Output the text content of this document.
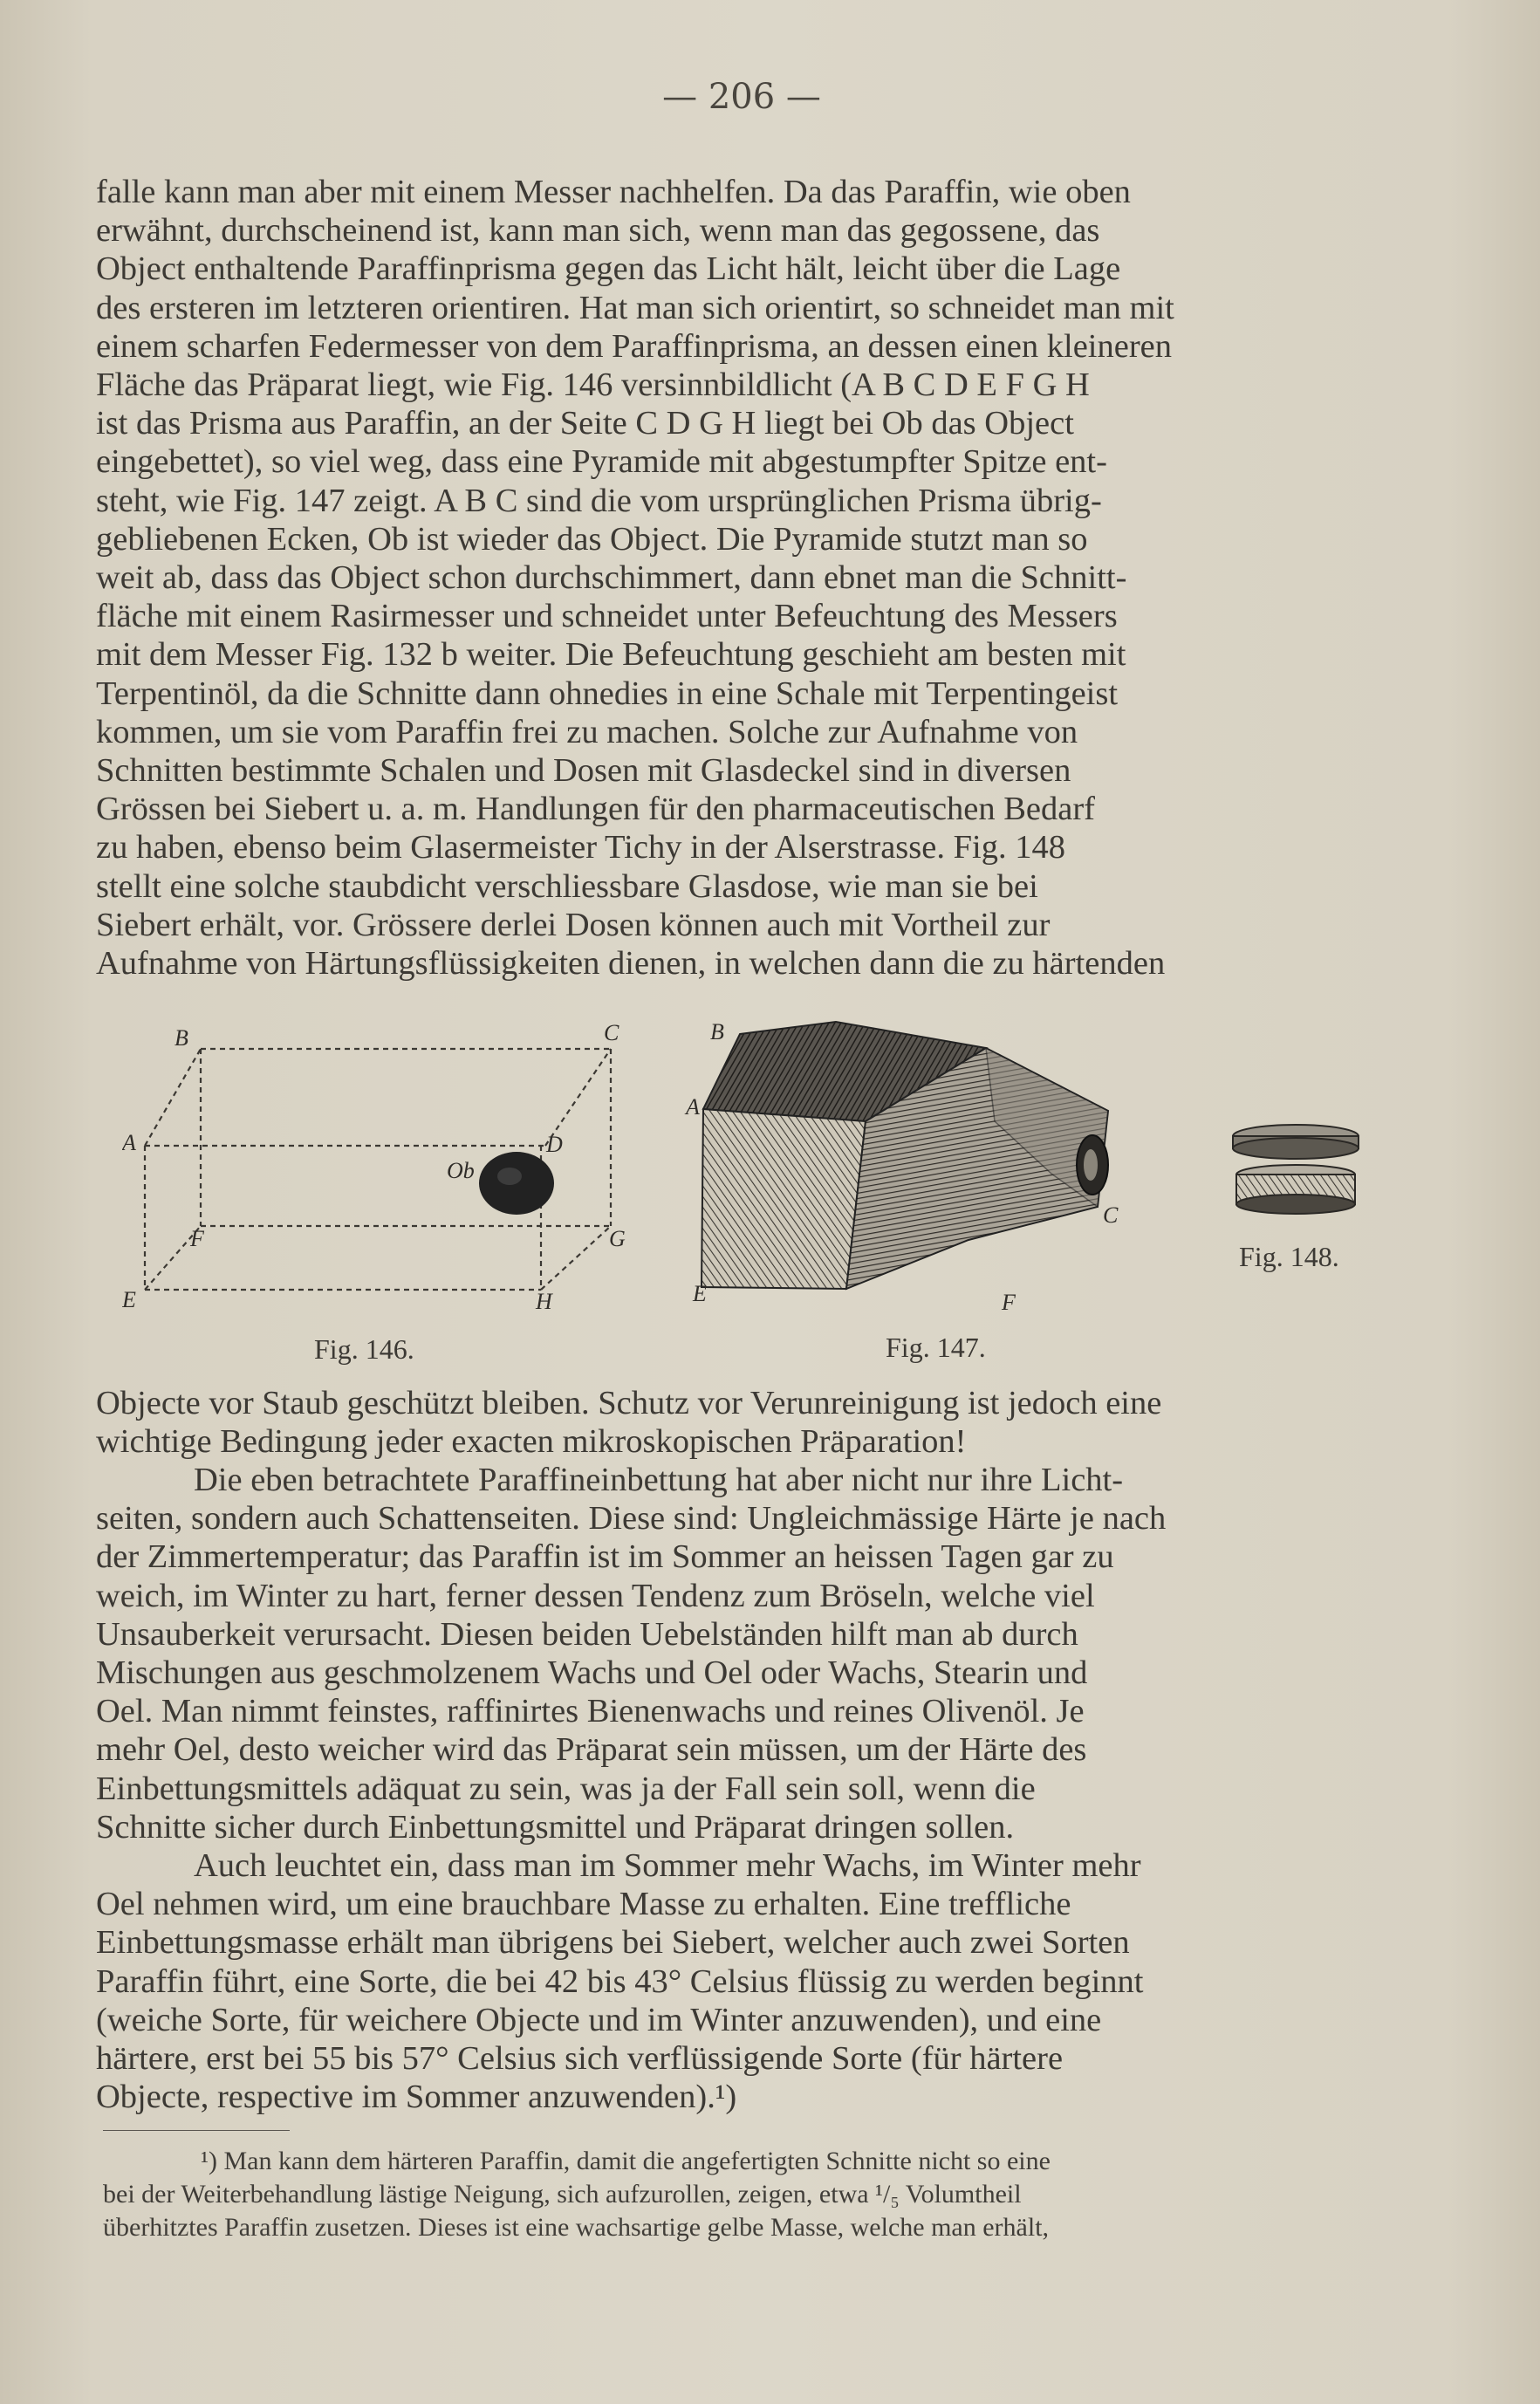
— 206 —

falle kann man aber mit einem Messer nachhelfen. Da das Paraffin, wie oben

erwähnt, durchscheinend ist, kann man sich, wenn man das gegossene, das

Object enthaltende Paraffinprisma gegen das Licht hält, leicht über die Lage

des ersteren im letzteren orientiren. Hat man sich orientirt, so schneidet man mit

einem scharfen Federmesser von dem Paraffinprisma, an dessen einen kleineren

Fläche das Präparat liegt, wie Fig. 146 versinnbildlicht (A B C D E F G H

ist das Prisma aus Paraffin, an der Seite C D G H liegt bei Ob das Object

eingebettet), so viel weg, dass eine Pyramide mit abgestumpfter Spitze ent-

steht, wie Fig. 147 zeigt. A B C sind die vom ursprünglichen Prisma übrig-

gebliebenen Ecken, Ob ist wieder das Object. Die Pyramide stutzt man so

weit ab, dass das Object schon durchschimmert, dann ebnet man die Schnitt-

fläche mit einem Rasirmesser und schneidet unter Befeuchtung des Messers

mit dem Messer Fig. 132 b weiter. Die Befeuchtung geschieht am besten mit

Terpentinöl, da die Schnitte dann ohnedies in eine Schale mit Terpentingeist

kommen, um sie vom Paraffin frei zu machen. Solche zur Aufnahme von

Schnitten bestimmte Schalen und Dosen mit Glasdeckel sind in diversen

Grössen bei Siebert u. a. m. Handlungen für den pharmaceutischen Bedarf

zu haben, ebenso beim Glasermeister Tichy in der Alserstrasse. Fig. 148

stellt eine solche staubdicht verschliessbare Glasdose, wie man sie bei

Siebert erhält, vor. Grössere derlei Dosen können auch mit Vortheil zur

Aufnahme von Härtungsflüssigkeiten dienen, in welchen dann die zu härtenden

B	C
A	D
Ob
F	G
E	H
Fig. 146.
B
A
C
E	F
Fig. 147.
Fig. 148.

Objecte vor Staub geschützt bleiben. Schutz vor Verunreinigung ist jedoch eine

wichtige Bedingung jeder exacten mikroskopischen Präparation!

Die eben betrachtete Paraffineinbettung hat aber nicht nur ihre Licht-

seiten, sondern auch Schattenseiten. Diese sind: Ungleichmässige Härte je nach

der Zimmertemperatur; das Paraffin ist im Sommer an heissen Tagen gar zu

weich, im Winter zu hart, ferner dessen Tendenz zum Bröseln, welche viel

Unsauberkeit verursacht. Diesen beiden Uebelständen hilft man ab durch

Mischungen aus geschmolzenem Wachs und Oel oder Wachs, Stearin und

Oel. Man nimmt feinstes, raffinirtes Bienenwachs und reines Olivenöl. Je

mehr Oel, desto weicher wird das Präparat sein müssen, um der Härte des

Einbettungsmittels adäquat zu sein, was ja der Fall sein soll, wenn die

Schnitte sicher durch Einbettungsmittel und Präparat dringen sollen.

Auch leuchtet ein, dass man im Sommer mehr Wachs, im Winter mehr

Oel nehmen wird, um eine brauchbare Masse zu erhalten. Eine treffliche

Einbettungsmasse erhält man übrigens bei Siebert, welcher auch zwei Sorten

Paraffin führt, eine Sorte, die bei 42 bis 43° Celsius flüssig zu werden beginnt

(weiche Sorte, für weichere Objecte und im Winter anzuwenden), und eine

härtere, erst bei 55 bis 57° Celsius sich verflüssigende Sorte (für härtere

Objecte, respective im Sommer anzuwenden).¹)

¹) Man kann dem härteren Paraffin, damit die angefertigten Schnitte nicht so eine

bei der Weiterbehandlung lästige Neigung, sich aufzurollen, zeigen, etwa ¹/₅ Volumtheil

überhitztes Paraffin zusetzen. Dieses ist eine wachsartige gelbe Masse, welche man erhält,
